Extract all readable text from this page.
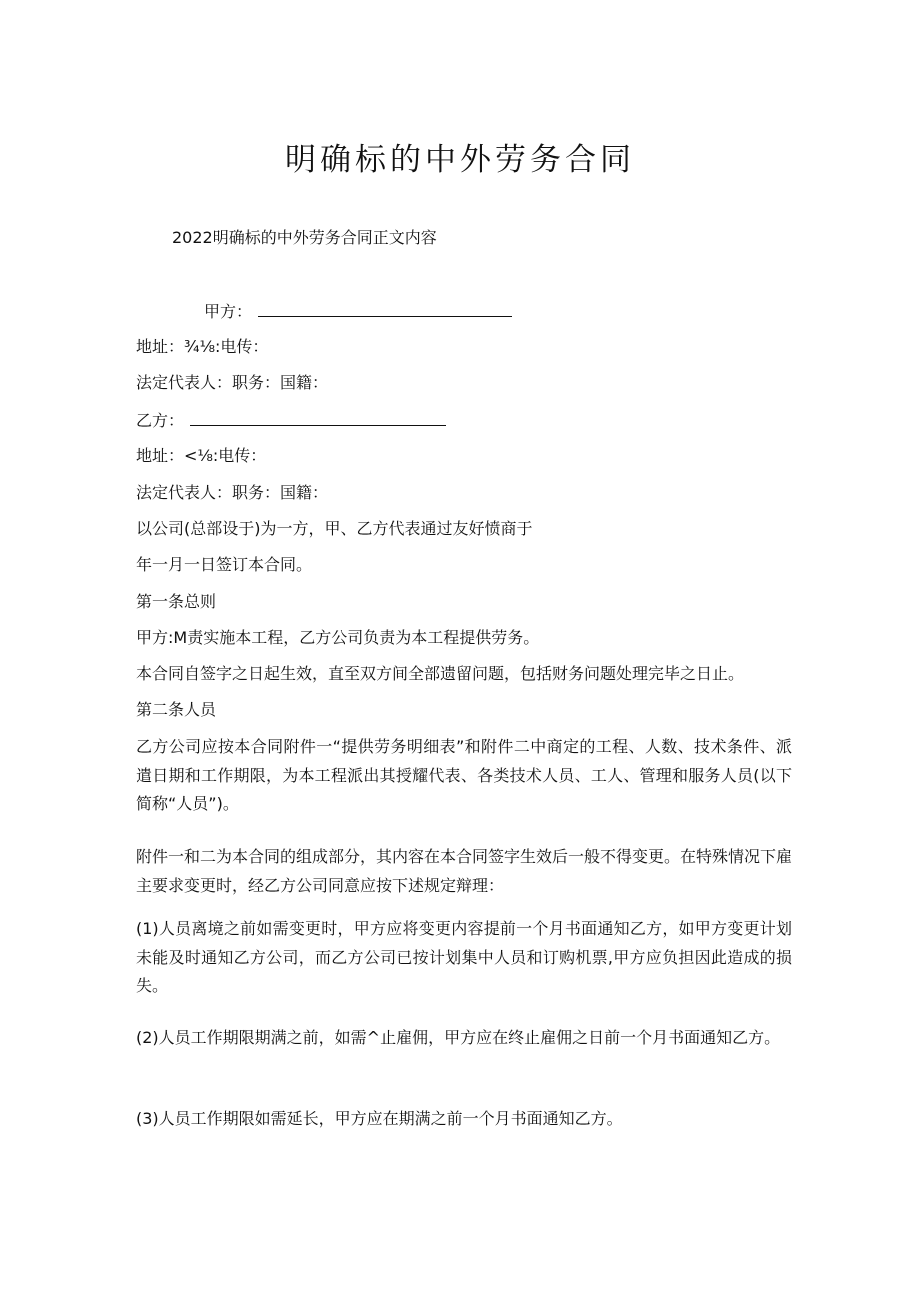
明确标的中外劳务合同
2022明确标的中外劳务合同正文内容
甲方：
地址：¾⅛:电传：
法定代表人：职务：国籍：
乙方：
地址：<⅛:电传：
法定代表人：职务：国籍：
以公司(总部设于)为一方，甲、乙方代表通过友好愤商于
年一月一日签订本合同。
第一条总则
甲方:M责实施本工程，乙方公司负责为本工程提供劳务。
本合同自签字之日起生效，直至双方间全部遗留问题，包括财务问题处理完毕之日止。
第二条人员
乙方公司应按本合同附件一“提供劳务明细表”和附件二中商定的工程、人数、技术条件、派遣日期和工作期限，为本工程派出其授耀代表、各类技术人员、工人、管理和服务人员(以下简称“人员”)。
附件一和二为本合同的组成部分，其内容在本合同签字生效后一般不得变更。在特殊情况下雇主要求变更时，经乙方公司同意应按下述规定辩理：
(1)人员离境之前如需变更时，甲方应将变更内容提前一个月书面通知乙方，如甲方变更计划未能及时通知乙方公司，而乙方公司已按计划集中人员和订购机票,甲方应负担因此造成的损失。
(2)人员工作期限期满之前，如需^止雇佣，甲方应在终止雇佣之日前一个月书面通知乙方。
(3)人员工作期限如需延长，甲方应在期满之前一个月书面通知乙方。
